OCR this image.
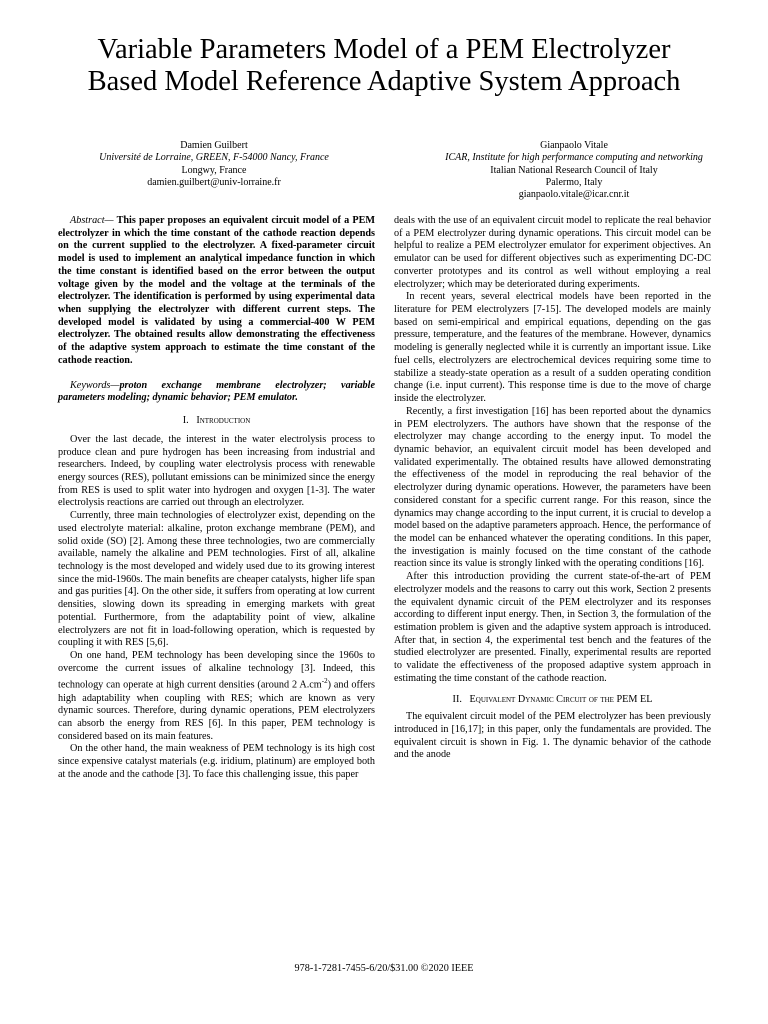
Variable Parameters Model of a PEM Electrolyzer
Based Model Reference Adaptive System Approach
Damien Guilbert
Université de Lorraine, GREEN, F-54000 Nancy, France
Longwy, France
damien.guilbert@univ-lorraine.fr
Gianpaolo Vitale
ICAR, Institute for high performance computing and networking
Italian National Research Council of Italy
Palermo, Italy
gianpaolo.vitale@icar.cnr.it

Abstract— This paper proposes an equivalent circuit model of a PEM electrolyzer in which the time constant of the cathode reaction depends on the current supplied to the electrolyzer. A fixed-parameter circuit model is used to implement an analytical impedance function in which the time constant is identified based on the error between the output voltage given by the model and the voltage at the terminals of the electrolyzer. The identification is performed by using experimental data when supplying the electrolyzer with different current steps. The developed model is validated by using a commercial-400 W PEM electrolyzer. The obtained results allow demonstrating the effectiveness of the adaptive system approach to estimate the time constant of the cathode reaction.

Keywords—proton exchange membrane electrolyzer; variable parameters modeling; dynamic behavior; PEM emulator.

I. Introduction

Over the last decade, the interest in the water electrolysis process to produce clean and pure hydrogen has been increasing from industrial and researchers. Indeed, by coupling water electrolysis process with renewable energy sources (RES), pollutant emissions can be minimized since the energy from RES is used to split water into hydrogen and oxygen [1-3]. The water electrolysis reactions are carried out through an electrolyzer.

Currently, three main technologies of electrolyzer exist, depending on the used electrolyte material: alkaline, proton exchange membrane (PEM), and solid oxide (SO) [2]. Among these three technologies, two are commercially available, namely the alkaline and PEM technologies. First of all, alkaline technology is the most developed and widely used due to its growing interest since the mid-1960s. The main benefits are cheaper catalysts, higher life span and gas purities [4]. On the other side, it suffers from operating at low current densities, slowing down its spreading in emerging markets with great potential. Furthermore, from the adaptability point of view, alkaline electrolyzers are not fit in load-following operation, which is requested by coupling it with RES [5,6].

On one hand, PEM technology has been developing since the 1960s to overcome the current issues of alkaline technology [3]. Indeed, this technology can operate at high current densities (around 2 $A.cm^{-2}$) and offers high adaptability when coupling with RES; which are known as very dynamic sources. Therefore, during dynamic operations, PEM electrolyzers can absorb the energy from RES [6]. In this paper, PEM technology is considered based on its main features.

On the other hand, the main weakness of PEM technology is its high cost since expensive catalyst materials (e.g. iridium, platinum) are employed both at the anode and the cathode [3]. To face this challenging issue, this paper

deals with the use of an equivalent circuit model to replicate the real behavior of a PEM electrolyzer during dynamic operations. This circuit model can be helpful to realize a PEM electrolyzer emulator for experiment objectives. An emulator can be used for different objectives such as experimenting DC-DC converter prototypes and its control as well without employing a real electrolyzer; which may be deteriorated during experiments.

In recent years, several electrical models have been reported in the literature for PEM electrolyzers [7-15]. The developed models are mainly based on semi-empirical and empirical equations, depending on the gas pressure, temperature, and the features of the membrane. However, dynamics modeling is generally neglected while it is currently an important issue. Like fuel cells, electrolyzers are electrochemical devices requiring some time to stabilize a steady-state operation as a result of a sudden operating condition change (i.e. input current). This response time is due to the move of charge inside the electrolyzer.

Recently, a first investigation [16] has been reported about the dynamics in PEM electrolyzers. The authors have shown that the response of the electrolyzer may change according to the energy input. To model the dynamic behavior, an equivalent circuit model has been developed and validated experimentally. The obtained results have allowed demonstrating the effectiveness of the model in reproducing the real behavior of the electrolyzer during dynamic operations. However, the parameters have been considered constant for a specific current range. For this reason, since the dynamics may change according to the input current, it is crucial to develop a model based on the adaptive parameters approach. Hence, the performance of the model can be enhanced whatever the operating conditions. In this paper, the investigation is mainly focused on the time constant of the cathode reaction since its value is strongly linked with the operating conditions [16].

After this introduction providing the current state-of-the-art of PEM electrolyzer models and the reasons to carry out this work, Section 2 presents the equivalent dynamic circuit of the PEM electrolyzer and its responses according to different input energy. Then, in Section 3, the formulation of the estimation problem is given and the adaptive system approach is introduced. After that, in section 4, the experimental test bench and the features of the studied electrolyzer are presented. Finally, experimental results are reported to validate the effectiveness of the proposed adaptive system approach in estimating the time constant of the cathode reaction.

II. Equivalent Dynamic Circuit of the PEM EL

The equivalent circuit model of the PEM electrolyzer has been previously introduced in [16,17]; in this paper, only the fundamentals are provided. The equivalent circuit is shown in Fig. 1. The dynamic behavior of the cathode and the anode

978-1-7281-7455-6/20/$31.00 ©2020 IEEE
